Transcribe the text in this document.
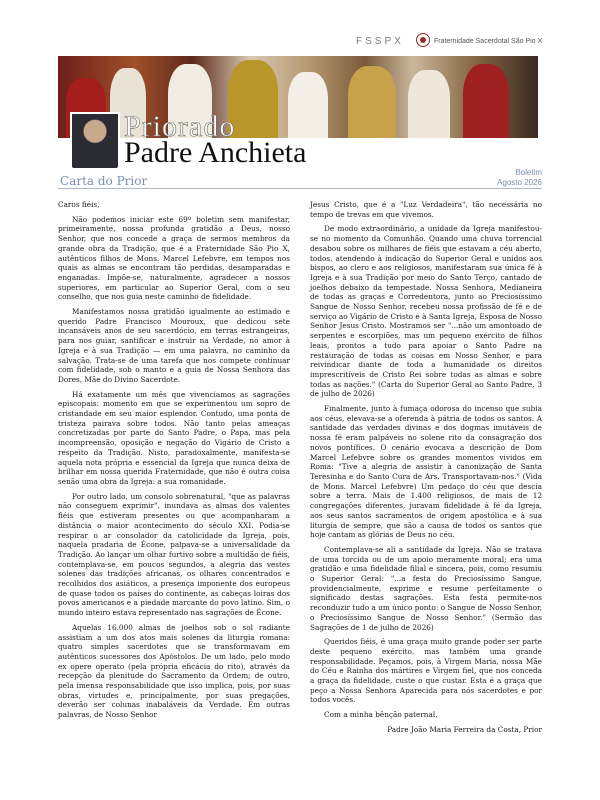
FSSPX	Fraternidade Sacerdotal São Pio X
Priorado
Padre Anchieta
Carta do Prior
Boletim
Agosto 2026

Caros fiéis,

Não podemos iniciar este 69º boletim sem manifestar, primeiramente, nossa profunda gratidão a Deus, nosso Senhor, que nos concede a graça de sermos membros da grande obra da Tradição, que é a Fraternidade São Pio X, autênticos filhos de Mons. Marcel Lefebvre, em tempos nos quais as almas se encontram tão perdidas, desamparadas e enganadas. Impõe-se, naturalmente, agradecer a nossos superiores, em particular ao Superior Geral, com o seu conselho, que nos guia neste caminho de fidelidade.

Manifestamos nossa gratidão igualmente ao estimado e querido Padre Francisco Mouroux, que dedicou sete incansáveis anos de seu sacerdócio, em terras estrangeiras, para nos guiar, santificar e instruir na Verdade, no amor à Igreja e à sua Tradição — em uma palavra, no caminho da salvação. Trata-se de uma tarefa que nos compete continuar com fidelidade, sob o manto e a guia de Nossa Senhora das Dores, Mãe do Divino Sacerdote.

Há exatamente um mês que vivenciamos as sagrações episcopais: momento em que se experimentou um sopro de cristandade em seu maior esplendor. Contudo, uma ponta de tristeza pairava sobre todos. Não tanto pelas ameaças concretizadas por parte do Santo Padre, o Papa, mas pela incompreensão, oposição e negação do Vigário de Cristo a respeito da Tradição. Nisto, paradoxalmente, manifesta-se aquela nota própria e essencial da Igreja que nunca deixa de brilhar em nossa querida Fraternidade, que não é outra coisa senão uma obra da Igreja: a sua romanidade.

Por outro lado, um consolo sobrenatural, "que as palavras não conseguem exprimir", inundava as almas dos valentes fiéis que estiveram presentes ou que acompanharam a distância o maior acontecimento do século XXI. Podia-se respirar o ar consolador da catolicidade da Igreja, pois, naquela pradaria de Écone, palpava-se a universalidade da Tradição. Ao lançar um olhar furtivo sobre a multidão de fiéis, contemplava-se, em poucos segundos, a alegria das vestes solenes das tradições africanas, os olhares concentrados e recolhidos dos asiáticos, a presença imponente dos europeus de quase todos os países do continente, as cabeças loiras dos povos americanos e a piedade marcante do povo latino. Sim, o mundo inteiro estava representado nas sagrações de Écone.

Aquelas 16.000 almas de joelhos sob o sol radiante assistiam a um dos atos mais solenes da liturgia romana: quatro simples sacerdotes que se transformavam em autênticos sucessores dos Apóstolos. De um lado, pelo modo ex opere operato (pela própria eficácia do rito), através da recepção da plenitude do Sacramento da Ordem; de outro, pela imensa responsabilidade que isso implica, pois, por suas obras, virtudes e, principalmente, por suas pregações, deverão ser colunas inabaláveis da Verdade. Em outras palavras, de Nosso Senhor

Jesus Cristo, que é a "Luz Verdadeira", tão necessária no tempo de trevas em que vivemos.

De modo extraordinário, a unidade da Igreja manifestou-se no momento da Comunhão. Quando uma chuva torrencial desabou sobre os milhares de fiéis que estavam a céu aberto, todos, atendendo à indicação do Superior Geral e unidos aos bispos, ao clero e aos religiosos, manifestaram sua única fé à Igreja e à sua Tradição por meio do Santo Terço, cantado de joelhos debaixo da tempestade. Nossa Senhora, Medianeira de todas as graças e Corredentora, junto ao Preciosíssimo Sangue de Nosso Senhor, recebeu nossa profissão de fé e de serviço ao Vigário de Cristo e à Santa Igreja, Esposa de Nosso Senhor Jesus Cristo. Mostramos ser "...não um amontoado de serpentes e escorpiões, mas um pequeno exército de filhos leais, prontos a tudo para apoiar o Santo Padre na restauração de todas as coisas em Nosso Senhor, e para reivindicar diante de toda a humanidade os direitos imprescritíveis de Cristo Rei sobre todas as almas e sobre todas as nações." (Carta do Superior Geral ao Santo Padre, 3 de julho de 2026)

Finalmente, junto à fumaça odorosa do incenso que subia aos céus, elevava-se a oferenda à pátria de todos os santos. A santidade das verdades divinas e dos dogmas imutáveis de nossa fé eram palpáveis no solene rito da consagração dos novos pontífices. O cenário evocava a descrição de Dom Marcel Lefebvre sobre os grandes momentos vividos em Roma: "Tive a alegria de assistir à canonização de Santa Teresinha e do Santo Cura de Ars. Transportavam-nos." (Vida de Mons. Marcel Lefebvre) Um pedaço do céu que descia sobre a terra. Mais de 1.400 religiosos, de mais de 12 congregações diferentes, juravam fidelidade à fé da Igreja, aos seus santos sacramentos de origem apostólica e à sua liturgia de sempre, que são a causa de todos os santos que hoje cantam as glórias de Deus no céu.

Contemplava-se ali a santidade da Igreja. Não se tratava de uma torcida ou de um apoio meramente moral; era uma gratidão e uma fidelidade filial e sincera, pois, como resumiu o Superior Geral: "...a festa do Preciosíssimo Sangue, providencialmente, exprime e resume perfeitamente o significado destas sagrações. Esta festa permite-nos reconduzir tudo a um único ponto: o Sangue de Nosso Senhor, o Preciosíssimo Sangue de Nosso Senhor." (Sermão das Sagrações de 1 de julho de 2026)

Queridos fiéis, é uma graça muito grande poder ser parte deste pequeno exército, mas também uma grande responsabilidade. Peçamos, pois, à Virgem Maria, nossa Mãe do Céu e Rainha dos mártires e Virgem fiel, que nos conceda a graça da fidelidade, custe o que custar. Esta é a graça que peço a Nossa Senhora Aparecida para nós sacerdotes e por todos vocês.

Com a minha bênção paternal,

Padre João Maria Ferreira da Costa, Prior
